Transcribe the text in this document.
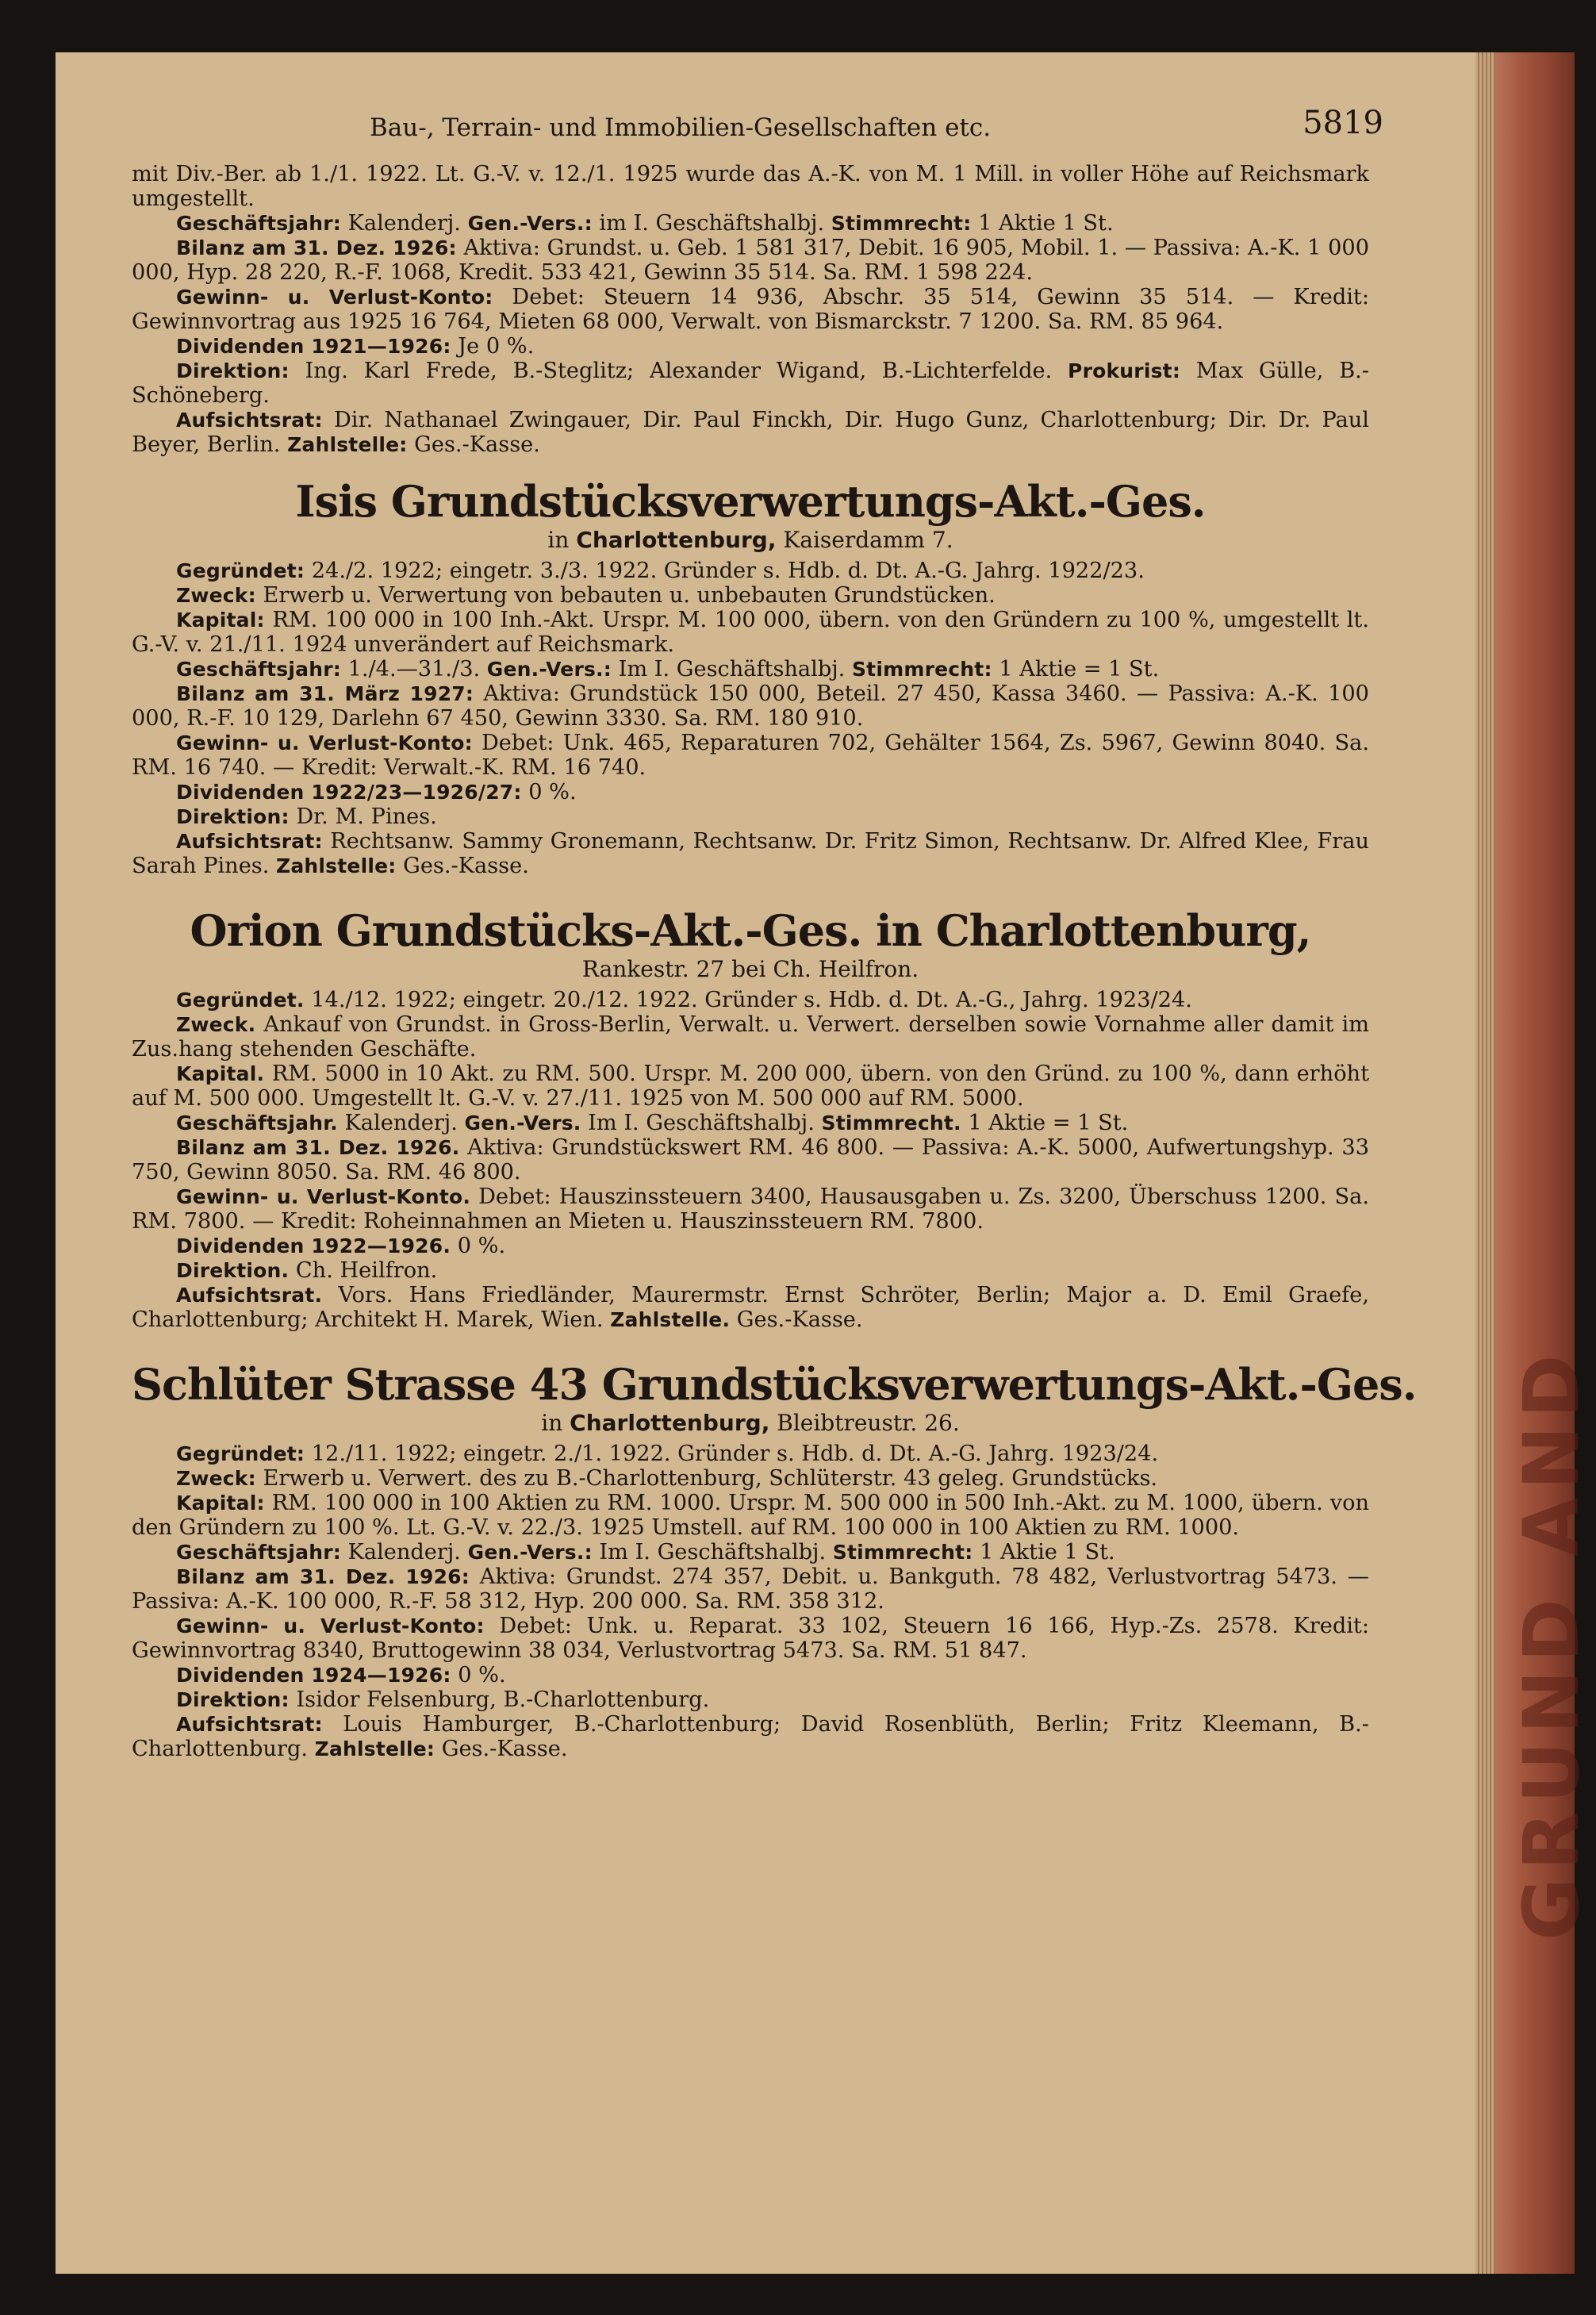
GRUND AND
Bau-, Terrain- und Immobilien-Gesellschaften etc.	5819

mit Div.-Ber. ab 1./1. 1922. Lt. G.-V. v. 12./1. 1925 wurde das A.-K. von M. 1 Mill. in voller Höhe auf Reichsmark umgestellt.

Geschäftsjahr: Kalenderj. Gen.-Vers.: im I. Geschäftshalbj. Stimmrecht: 1 Aktie 1 St.

Bilanz am 31. Dez. 1926: Aktiva: Grundst. u. Geb. 1 581 317, Debit. 16 905, Mobil. 1. — Passiva: A.-K. 1 000 000, Hyp. 28 220, R.-F. 1068, Kredit. 533 421, Gewinn 35 514. Sa. RM. 1 598 224.

Gewinn- u. Verlust-Konto: Debet: Steuern 14 936, Abschr. 35 514, Gewinn 35 514. — Kredit: Gewinnvortrag aus 1925 16 764, Mieten 68 000, Verwalt. von Bismarckstr. 7 1200. Sa. RM. 85 964.

Dividenden 1921—1926: Je 0 %.

Direktion: Ing. Karl Frede, B.-Steglitz; Alexander Wigand, B.-Lichterfelde. Prokurist: Max Gülle, B.-Schöneberg.

Aufsichtsrat: Dir. Nathanael Zwingauer, Dir. Paul Finckh, Dir. Hugo Gunz, Charlottenburg; Dir. Dr. Paul Beyer, Berlin. Zahlstelle: Ges.-Kasse.

Isis Grundstücksverwertungs-Akt.-Ges.
in Charlottenburg, Kaiserdamm 7.

Gegründet: 24./2. 1922; eingetr. 3./3. 1922. Gründer s. Hdb. d. Dt. A.-G. Jahrg. 1922/23.

Zweck: Erwerb u. Verwertung von bebauten u. unbebauten Grundstücken.

Kapital: RM. 100 000 in 100 Inh.-Akt. Urspr. M. 100 000, übern. von den Gründern zu 100 %, umgestellt lt. G.-V. v. 21./11. 1924 unverändert auf Reichsmark.

Geschäftsjahr: 1./4.—31./3. Gen.-Vers.: Im I. Geschäftshalbj. Stimmrecht: 1 Aktie = 1 St.

Bilanz am 31. März 1927: Aktiva: Grundstück 150 000, Beteil. 27 450, Kassa 3460. — Passiva: A.-K. 100 000, R.-F. 10 129, Darlehn 67 450, Gewinn 3330. Sa. RM. 180 910.

Gewinn- u. Verlust-Konto: Debet: Unk. 465, Reparaturen 702, Gehälter 1564, Zs. 5967, Gewinn 8040. Sa. RM. 16 740. — Kredit: Verwalt.-K. RM. 16 740.

Dividenden 1922/23—1926/27: 0 %.

Direktion: Dr. M. Pines.

Aufsichtsrat: Rechtsanw. Sammy Gronemann, Rechtsanw. Dr. Fritz Simon, Rechtsanw. Dr. Alfred Klee, Frau Sarah Pines. Zahlstelle: Ges.-Kasse.

Orion Grundstücks-Akt.-Ges. in Charlottenburg,
Rankestr. 27 bei Ch. Heilfron.

Gegründet. 14./12. 1922; eingetr. 20./12. 1922. Gründer s. Hdb. d. Dt. A.-G., Jahrg. 1923/24.

Zweck. Ankauf von Grundst. in Gross-Berlin, Verwalt. u. Verwert. derselben sowie Vornahme aller damit im Zus.hang stehenden Geschäfte.

Kapital. RM. 5000 in 10 Akt. zu RM. 500. Urspr. M. 200 000, übern. von den Gründ. zu 100 %, dann erhöht auf M. 500 000. Umgestellt lt. G.-V. v. 27./11. 1925 von M. 500 000 auf RM. 5000.

Geschäftsjahr. Kalenderj. Gen.-Vers. Im I. Geschäftshalbj. Stimmrecht. 1 Aktie = 1 St.

Bilanz am 31. Dez. 1926. Aktiva: Grundstückswert RM. 46 800. — Passiva: A.-K. 5000, Aufwertungshyp. 33 750, Gewinn 8050. Sa. RM. 46 800.

Gewinn- u. Verlust-Konto. Debet: Hauszinssteuern 3400, Hausausgaben u. Zs. 3200, Überschuss 1200. Sa. RM. 7800. — Kredit: Roheinnahmen an Mieten u. Hauszinssteuern RM. 7800.

Dividenden 1922—1926. 0 %.

Direktion. Ch. Heilfron.

Aufsichtsrat. Vors. Hans Friedländer, Maurermstr. Ernst Schröter, Berlin; Major a. D. Emil Graefe, Charlottenburg; Architekt H. Marek, Wien. Zahlstelle. Ges.-Kasse.

Schlüter Strasse 43 Grundstücksverwertungs-Akt.-Ges.
in Charlottenburg, Bleibtreustr. 26.

Gegründet: 12./11. 1922; eingetr. 2./1. 1922. Gründer s. Hdb. d. Dt. A.-G. Jahrg. 1923/24.

Zweck: Erwerb u. Verwert. des zu B.-Charlottenburg, Schlüterstr. 43 geleg. Grundstücks.

Kapital: RM. 100 000 in 100 Aktien zu RM. 1000. Urspr. M. 500 000 in 500 Inh.-Akt. zu M. 1000, übern. von den Gründern zu 100 %. Lt. G.-V. v. 22./3. 1925 Umstell. auf RM. 100 000 in 100 Aktien zu RM. 1000.

Geschäftsjahr: Kalenderj. Gen.-Vers.: Im I. Geschäftshalbj. Stimmrecht: 1 Aktie 1 St.

Bilanz am 31. Dez. 1926: Aktiva: Grundst. 274 357, Debit. u. Bankguth. 78 482, Verlustvortrag 5473. — Passiva: A.-K. 100 000, R.-F. 58 312, Hyp. 200 000. Sa. RM. 358 312.

Gewinn- u. Verlust-Konto: Debet: Unk. u. Reparat. 33 102, Steuern 16 166, Hyp.-Zs. 2578. Kredit: Gewinnvortrag 8340, Bruttogewinn 38 034, Verlustvortrag 5473. Sa. RM. 51 847.

Dividenden 1924—1926: 0 %.

Direktion: Isidor Felsenburg, B.-Charlottenburg.

Aufsichtsrat: Louis Hamburger, B.-Charlottenburg; David Rosenblüth, Berlin; Fritz Kleemann, B.-Charlottenburg. Zahlstelle: Ges.-Kasse.
